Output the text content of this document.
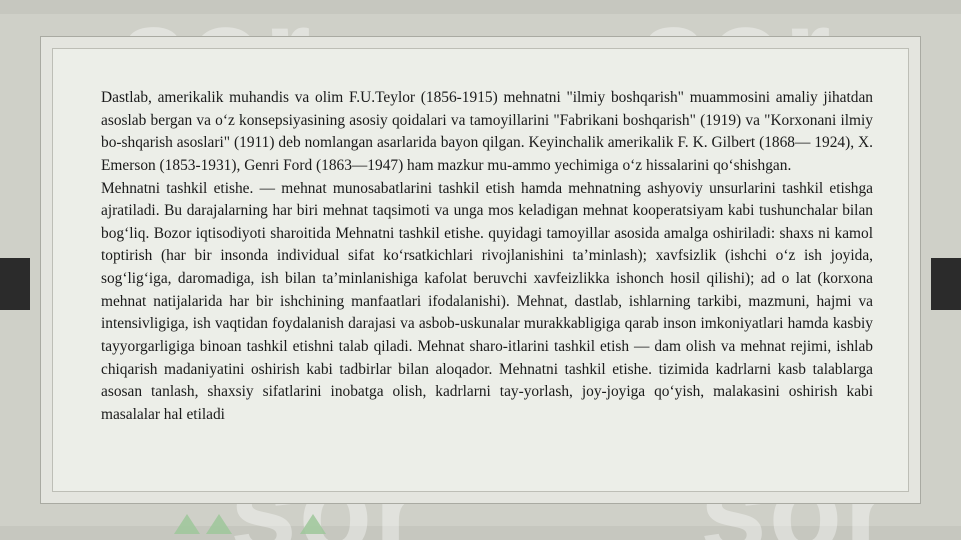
Dastlab, amerikalik muhandis va olim F.U.Teylor (1856-1915) mehnatni "ilmiy boshqarish" muammosini amaliy jihatdan asoslab bergan va o‘z konsepsiyasining asosiy qoidalari va tamoyillarini "Fabrikani boshqarish" (1919) va "Korxonani ilmiy bo-shqarish asoslari" (1911) deb nomlangan asarlarida bayon qilgan. Keyinchalik amerikalik F. K. Gilbert (1868— 1924), X. Emerson (1853-1931), Genri Ford (1863—1947) ham mazkur mu-ammo yechimiga o‘z hissalarini qo‘shishgan.

Mehnatni tashkil etishe. — mehnat munosabatlarini tashkil etish hamda mehnatning ashyoviy unsurlarini tashkil etishga ajratiladi. Bu darajalarning har biri mehnat taqsimoti va unga mos keladigan mehnat kooperatsiyam kabi tushunchalar bilan bog‘liq. Bozor iqtisodiyoti sharoitida Mehnatni tashkil etishe. quyidagi tamoyillar asosida amalga oshiriladi: shaxs ni kamol toptirish (har bir insonda individual sifat ko‘rsatkichlari rivojlanishini ta’minlash); xavfsizlik (ishchi o‘z ish joyida, sog‘lig‘iga, daromadiga, ish bilan ta’minlanishiga kafolat beruvchi xavfeizlikka ishonch hosil qilishi); ad o lat (korxona mehnat natijalarida har bir ishchining manfaatlari ifodalanishi). Mehnat, dastlab, ishlarning tarkibi, mazmuni, hajmi va intensivligiga, ish vaqtidan foydalanish darajasi va asbob-uskunalar murakkabligiga qarab inson imkoniyatlari hamda kasbiy tayyorgarligiga binoan tashkil etishni talab qiladi. Mehnat sharo-itlarini tashkil etish — dam olish va mehnat rejimi, ishlab chiqarish madaniyatini oshirish kabi tadbirlar bilan aloqador. Mehnatni tashkil etishe. tizimida kadrlarni kasb talablarga asosan tanlash, shaxsiy sifatlarini inobatga olish, kadrlarni tay-yorlash, joy-joyiga qo‘yish, malakasini oshirish kabi masalalar hal etiladi
